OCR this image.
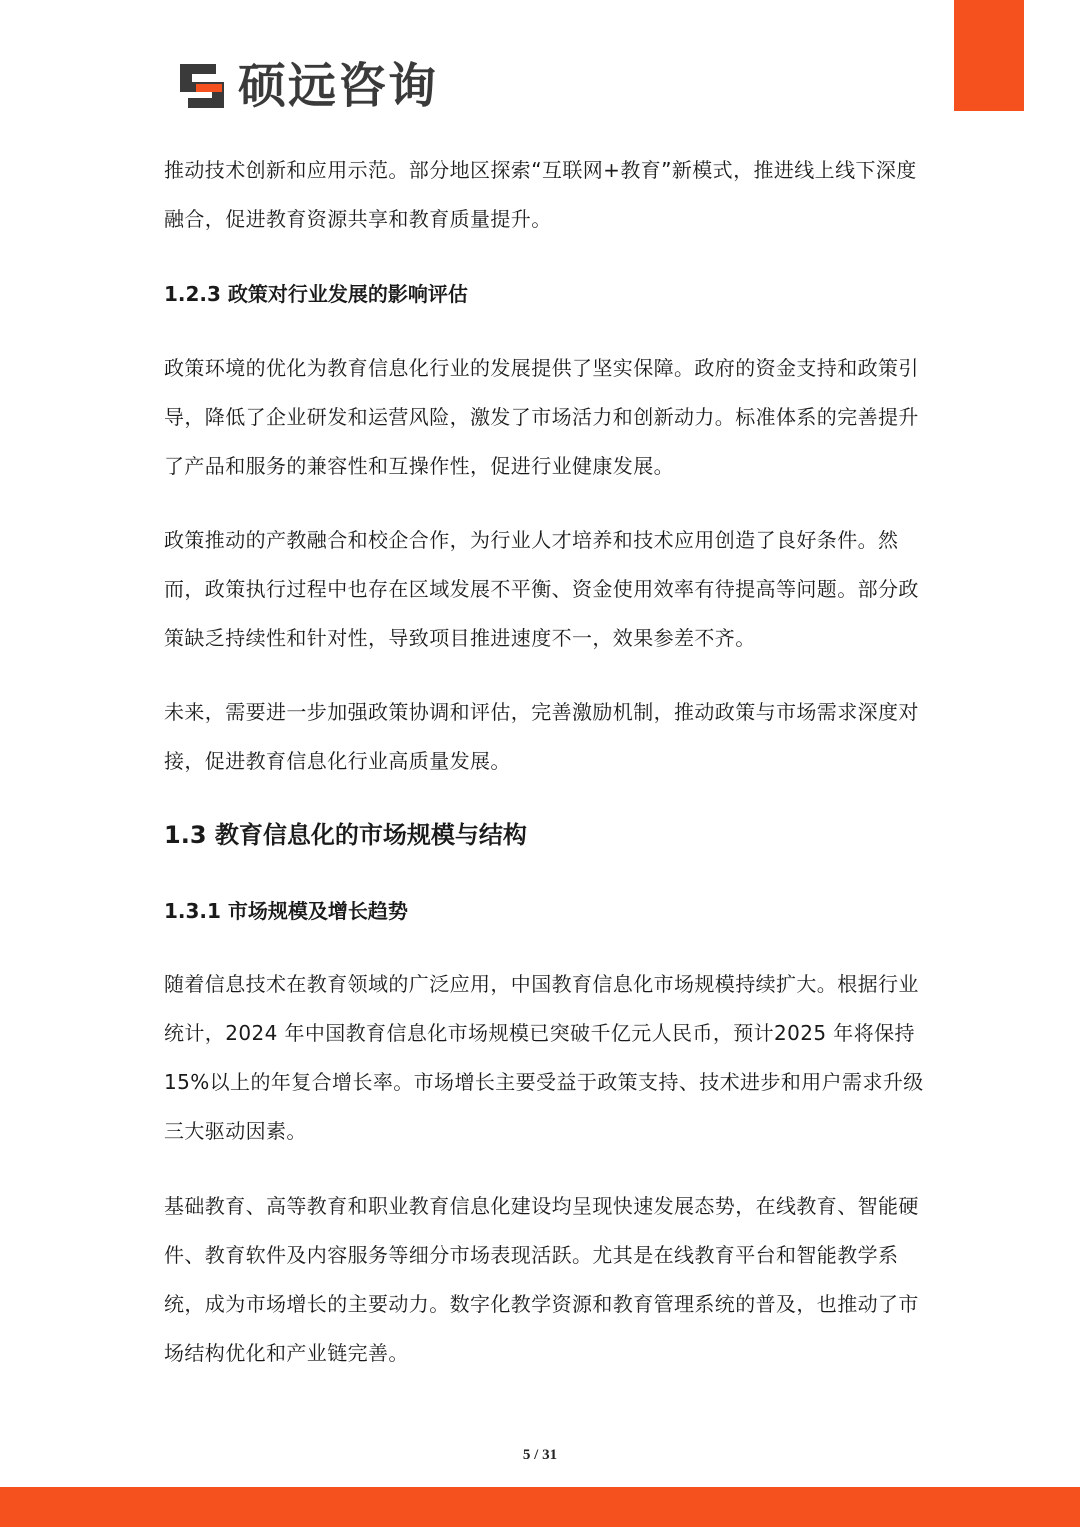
硕远咨询

推动技术创新和应用示范。部分地区探索“互联网+教育”新模式，推进线上线下深度融合，促进教育资源共享和教育质量提升。

1.2.3 政策对行业发展的影响评估

政策环境的优化为教育信息化行业的发展提供了坚实保障。政府的资金支持和政策引导，降低了企业研发和运营风险，激发了市场活力和创新动力。标准体系的完善提升了产品和服务的兼容性和互操作性，促进行业健康发展。

政策推动的产教融合和校企合作，为行业人才培养和技术应用创造了良好条件。然而，政策执行过程中也存在区域发展不平衡、资金使用效率有待提高等问题。部分政策缺乏持续性和针对性，导致项目推进速度不一，效果参差不齐。

未来，需要进一步加强政策协调和评估，完善激励机制，推动政策与市场需求深度对接，促进教育信息化行业高质量发展。

1.3 教育信息化的市场规模与结构
1.3.1 市场规模及增长趋势

随着信息技术在教育领域的广泛应用，中国教育信息化市场规模持续扩大。根据行业统计，2024 年中国教育信息化市场规模已突破千亿元人民币，预计2025 年将保持 15%以上的年复合增长率。市场增长主要受益于政策支持、技术进步和用户需求升级三大驱动因素。

基础教育、高等教育和职业教育信息化建设均呈现快速发展态势，在线教育、智能硬件、教育软件及内容服务等细分市场表现活跃。尤其是在线教育平台和智能教学系统，成为市场增长的主要动力。数字化教学资源和教育管理系统的普及，也推动了市场结构优化和产业链完善。

5 / 31
